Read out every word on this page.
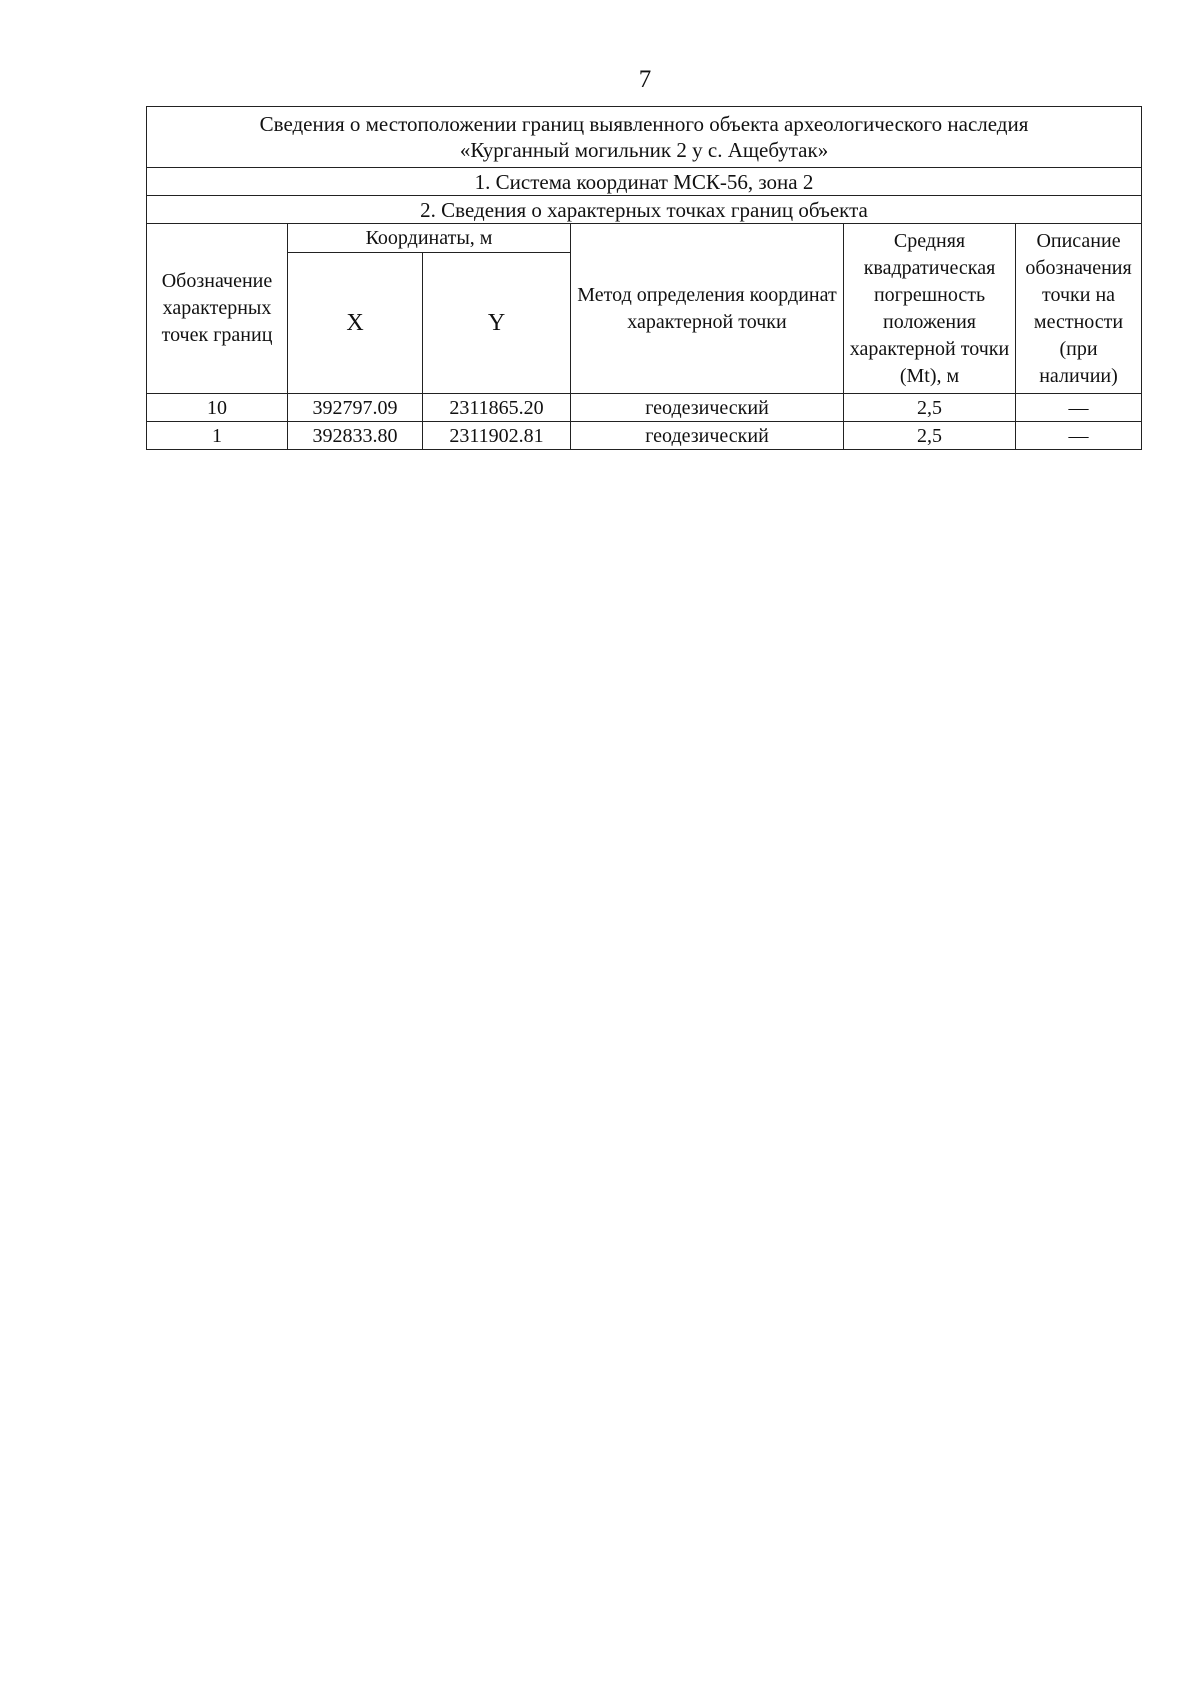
7
Сведения о местоположении границ выявленного объекта археологического наследия
«Курганный могильник 2 у с. Ащебутак»					

1. Система координат МСК-56, зона 2					
2. Сведения о характерных точках границ объекта					
Обозначение характерных точек границ	Координаты, м		Метод определения координат характерной точки	Средняя квадратическая погрешность положения характерной точки (Mt), м	Описание обозначения точки на местности (при наличии)
	X	Y			
10	392797.09	2311865.20	геодезический	2,5	—
1	392833.80	2311902.81	геодезический	2,5	—
